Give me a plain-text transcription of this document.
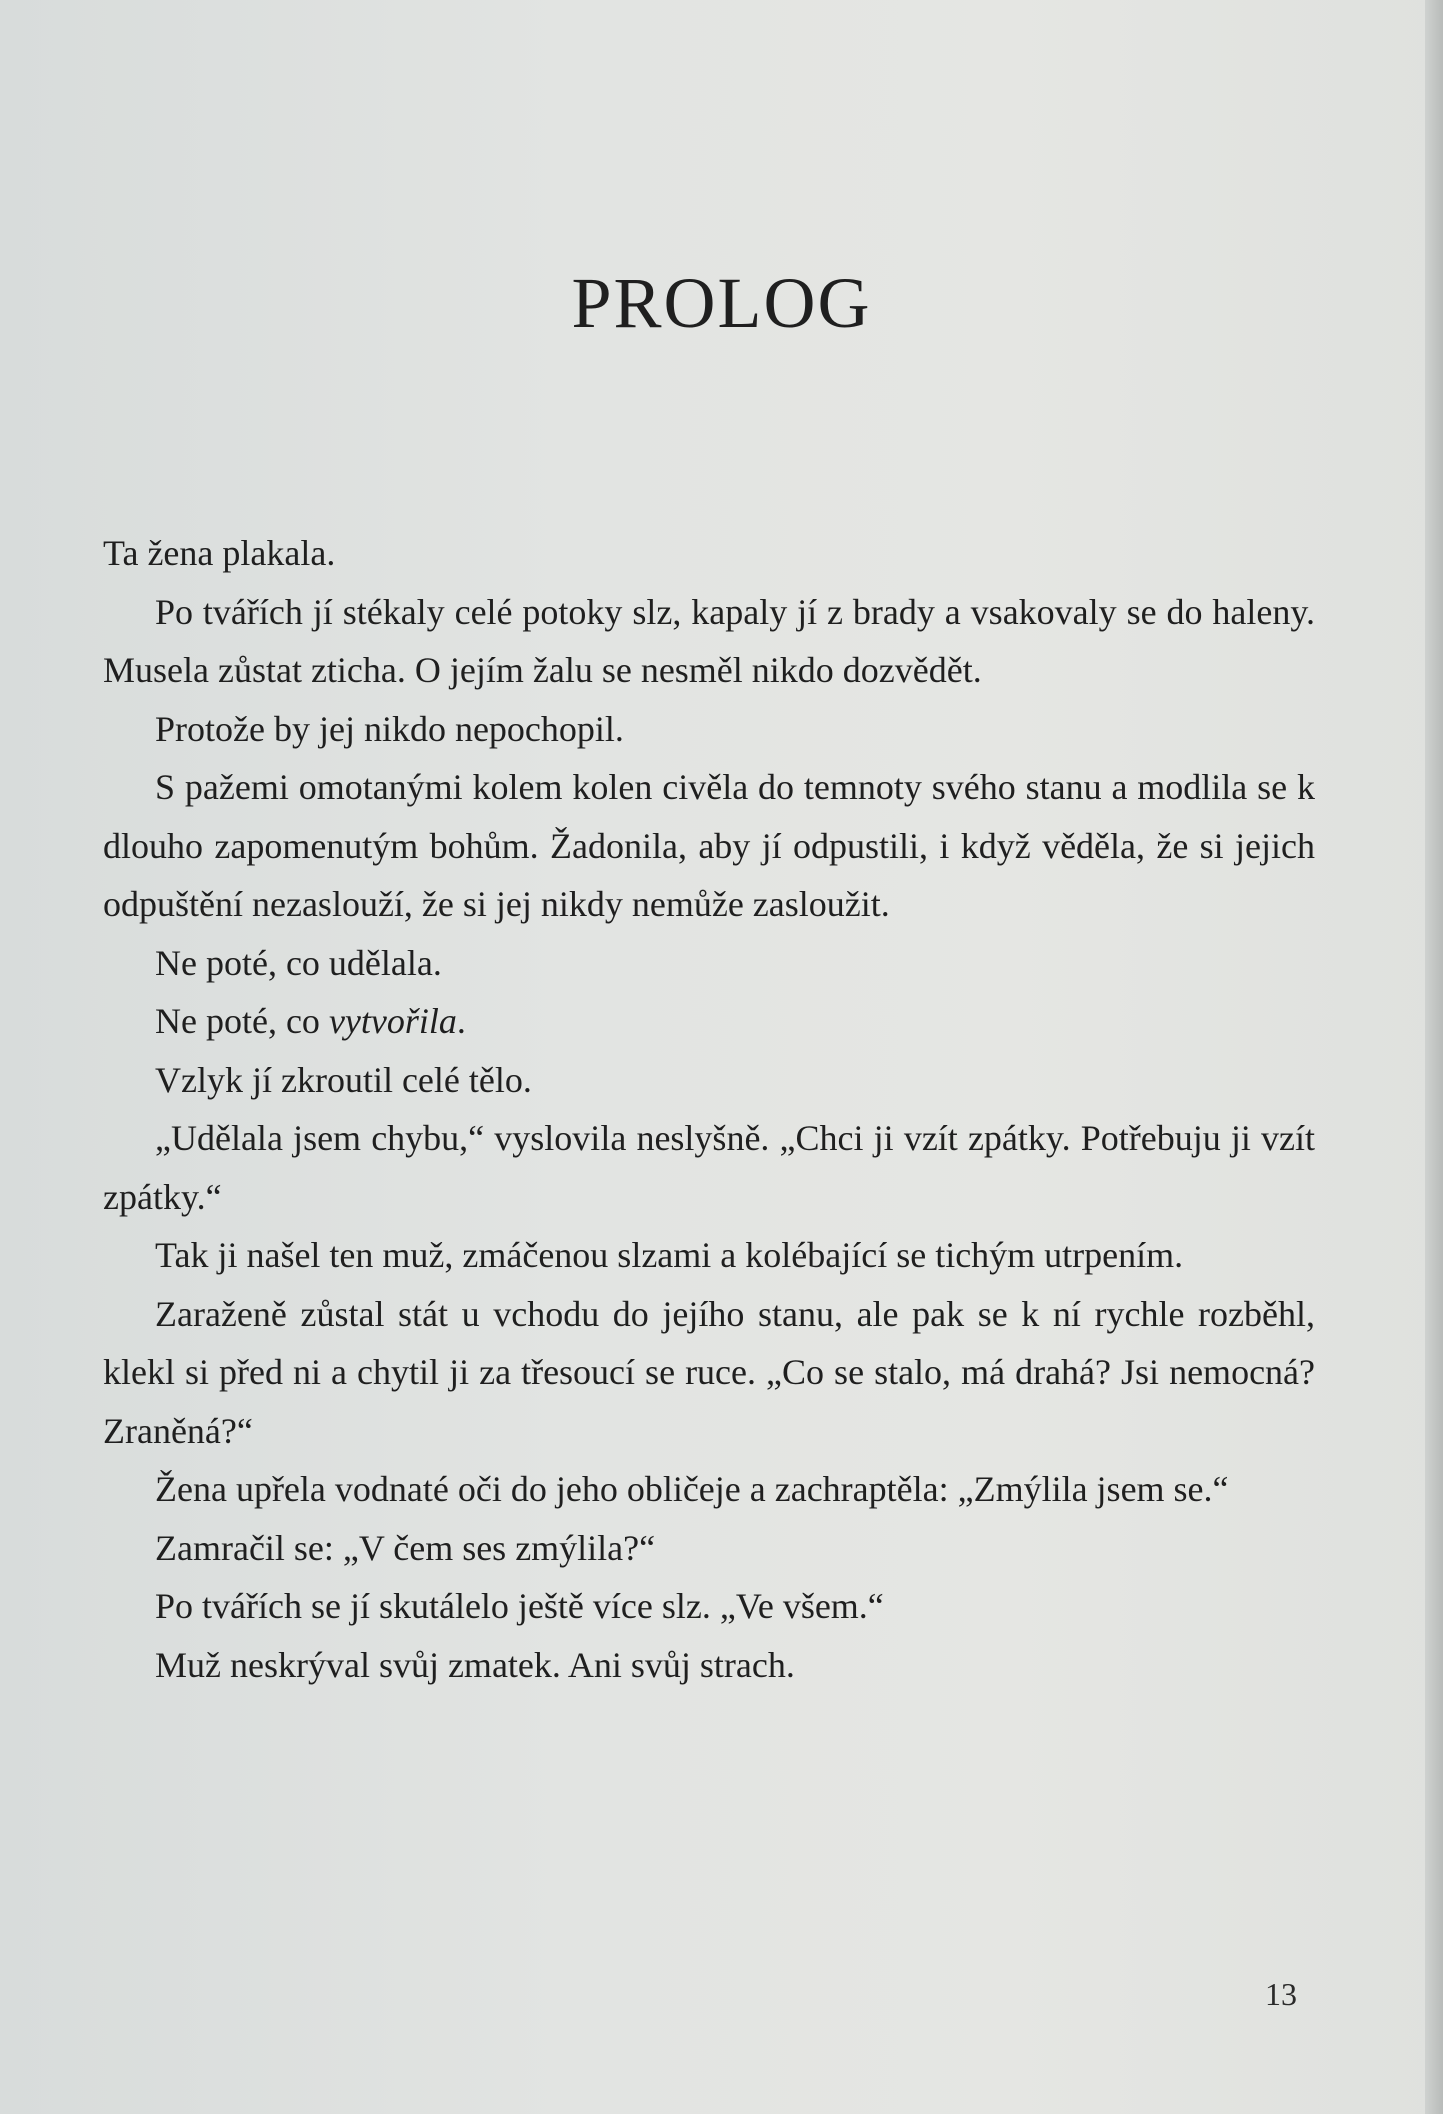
PROLOG

Ta žena plakala.

Po tvářích jí stékaly celé potoky slz, kapaly jí z brady a vsakovaly se do haleny. Musela zůstat zticha. O jejím žalu se nesměl nikdo dozvědět.

Protože by jej nikdo nepochopil.

S pažemi omotanými kolem kolen civěla do temnoty svého stanu a modlila se k dlouho zapomenutým bohům. Žadonila, aby jí odpustili, i když věděla, že si jejich odpuštění nezaslouží, že si jej nikdy nemůže zasloužit.

Ne poté, co udělala.

Ne poté, co vytvořila.

Vzlyk jí zkroutil celé tělo.

„Udělala jsem chybu,“ vyslovila neslyšně. „Chci ji vzít zpátky. Potřebuju ji vzít zpátky.“

Tak ji našel ten muž, zmáčenou slzami a kolébající se tichým utrpením.

Zaraženě zůstal stát u vchodu do jejího stanu, ale pak se k ní rychle rozběhl, klekl si před ni a chytil ji za třesoucí se ruce. „Co se stalo, má drahá? Jsi nemocná? Zraněná?“

Žena upřela vodnaté oči do jeho obličeje a zachraptěla: „Zmýlila jsem se.“

Zamračil se: „V čem ses zmýlila?“

Po tvářích se jí skutálelo ještě více slz. „Ve všem.“

Muž neskrýval svůj zmatek. Ani svůj strach.

13
